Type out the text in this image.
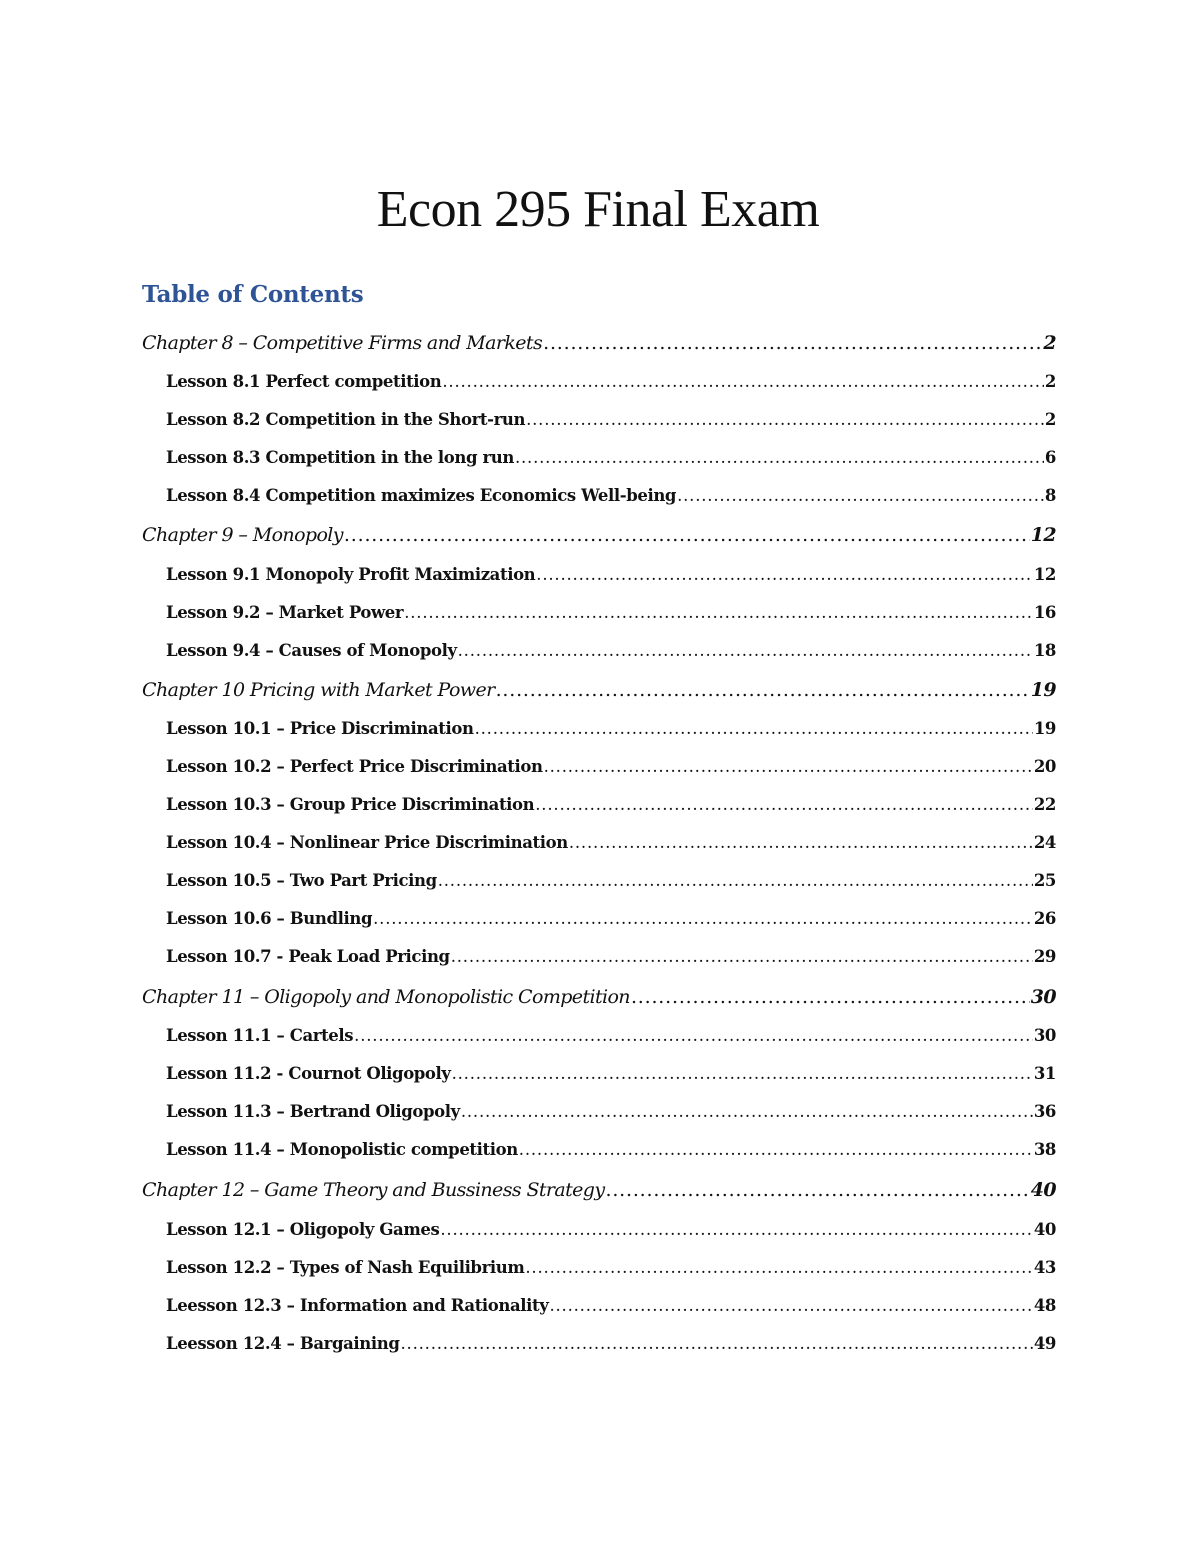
Econ 295 Final Exam
Table of Contents
Chapter 8 – Competitive Firms and Markets .....	2
Lesson 8.1 Perfect competition .....	2
Lesson 8.2 Competition in the Short-run .....	2
Lesson 8.3 Competition in the long run .....	6
Lesson 8.4 Competition maximizes Economics Well-being .....	8
Chapter 9 – Monopoly .....	12
Lesson 9.1 Monopoly Profit Maximization .....	12
Lesson 9.2 – Market Power .....	16
Lesson 9.4 – Causes of Monopoly .....	18
Chapter 10 Pricing with Market Power .....	19
Lesson 10.1 – Price Discrimination .....	19
Lesson 10.2 – Perfect Price Discrimination .....	20
Lesson 10.3 – Group Price Discrimination .....	22
Lesson 10.4 – Nonlinear Price Discrimination .....	24
Lesson 10.5 – Two Part Pricing .....	25
Lesson 10.6 – Bundling .....	26
Lesson 10.7 - Peak Load Pricing .....	29
Chapter 11 – Oligopoly and Monopolistic Competition .....	30
Lesson 11.1 – Cartels .....	30
Lesson 11.2 - Cournot Oligopoly .....	31
Lesson 11.3 – Bertrand Oligopoly .....	36
Lesson 11.4 – Monopolistic competition .....	38
Chapter 12 – Game Theory and Bussiness Strategy .....	40
Lesson 12.1 – Oligopoly Games .....	40
Lesson 12.2 – Types of Nash Equilibrium .....	43
Leesson 12.3 – Information and Rationality .....	48
Leesson 12.4 – Bargaining .....	49
